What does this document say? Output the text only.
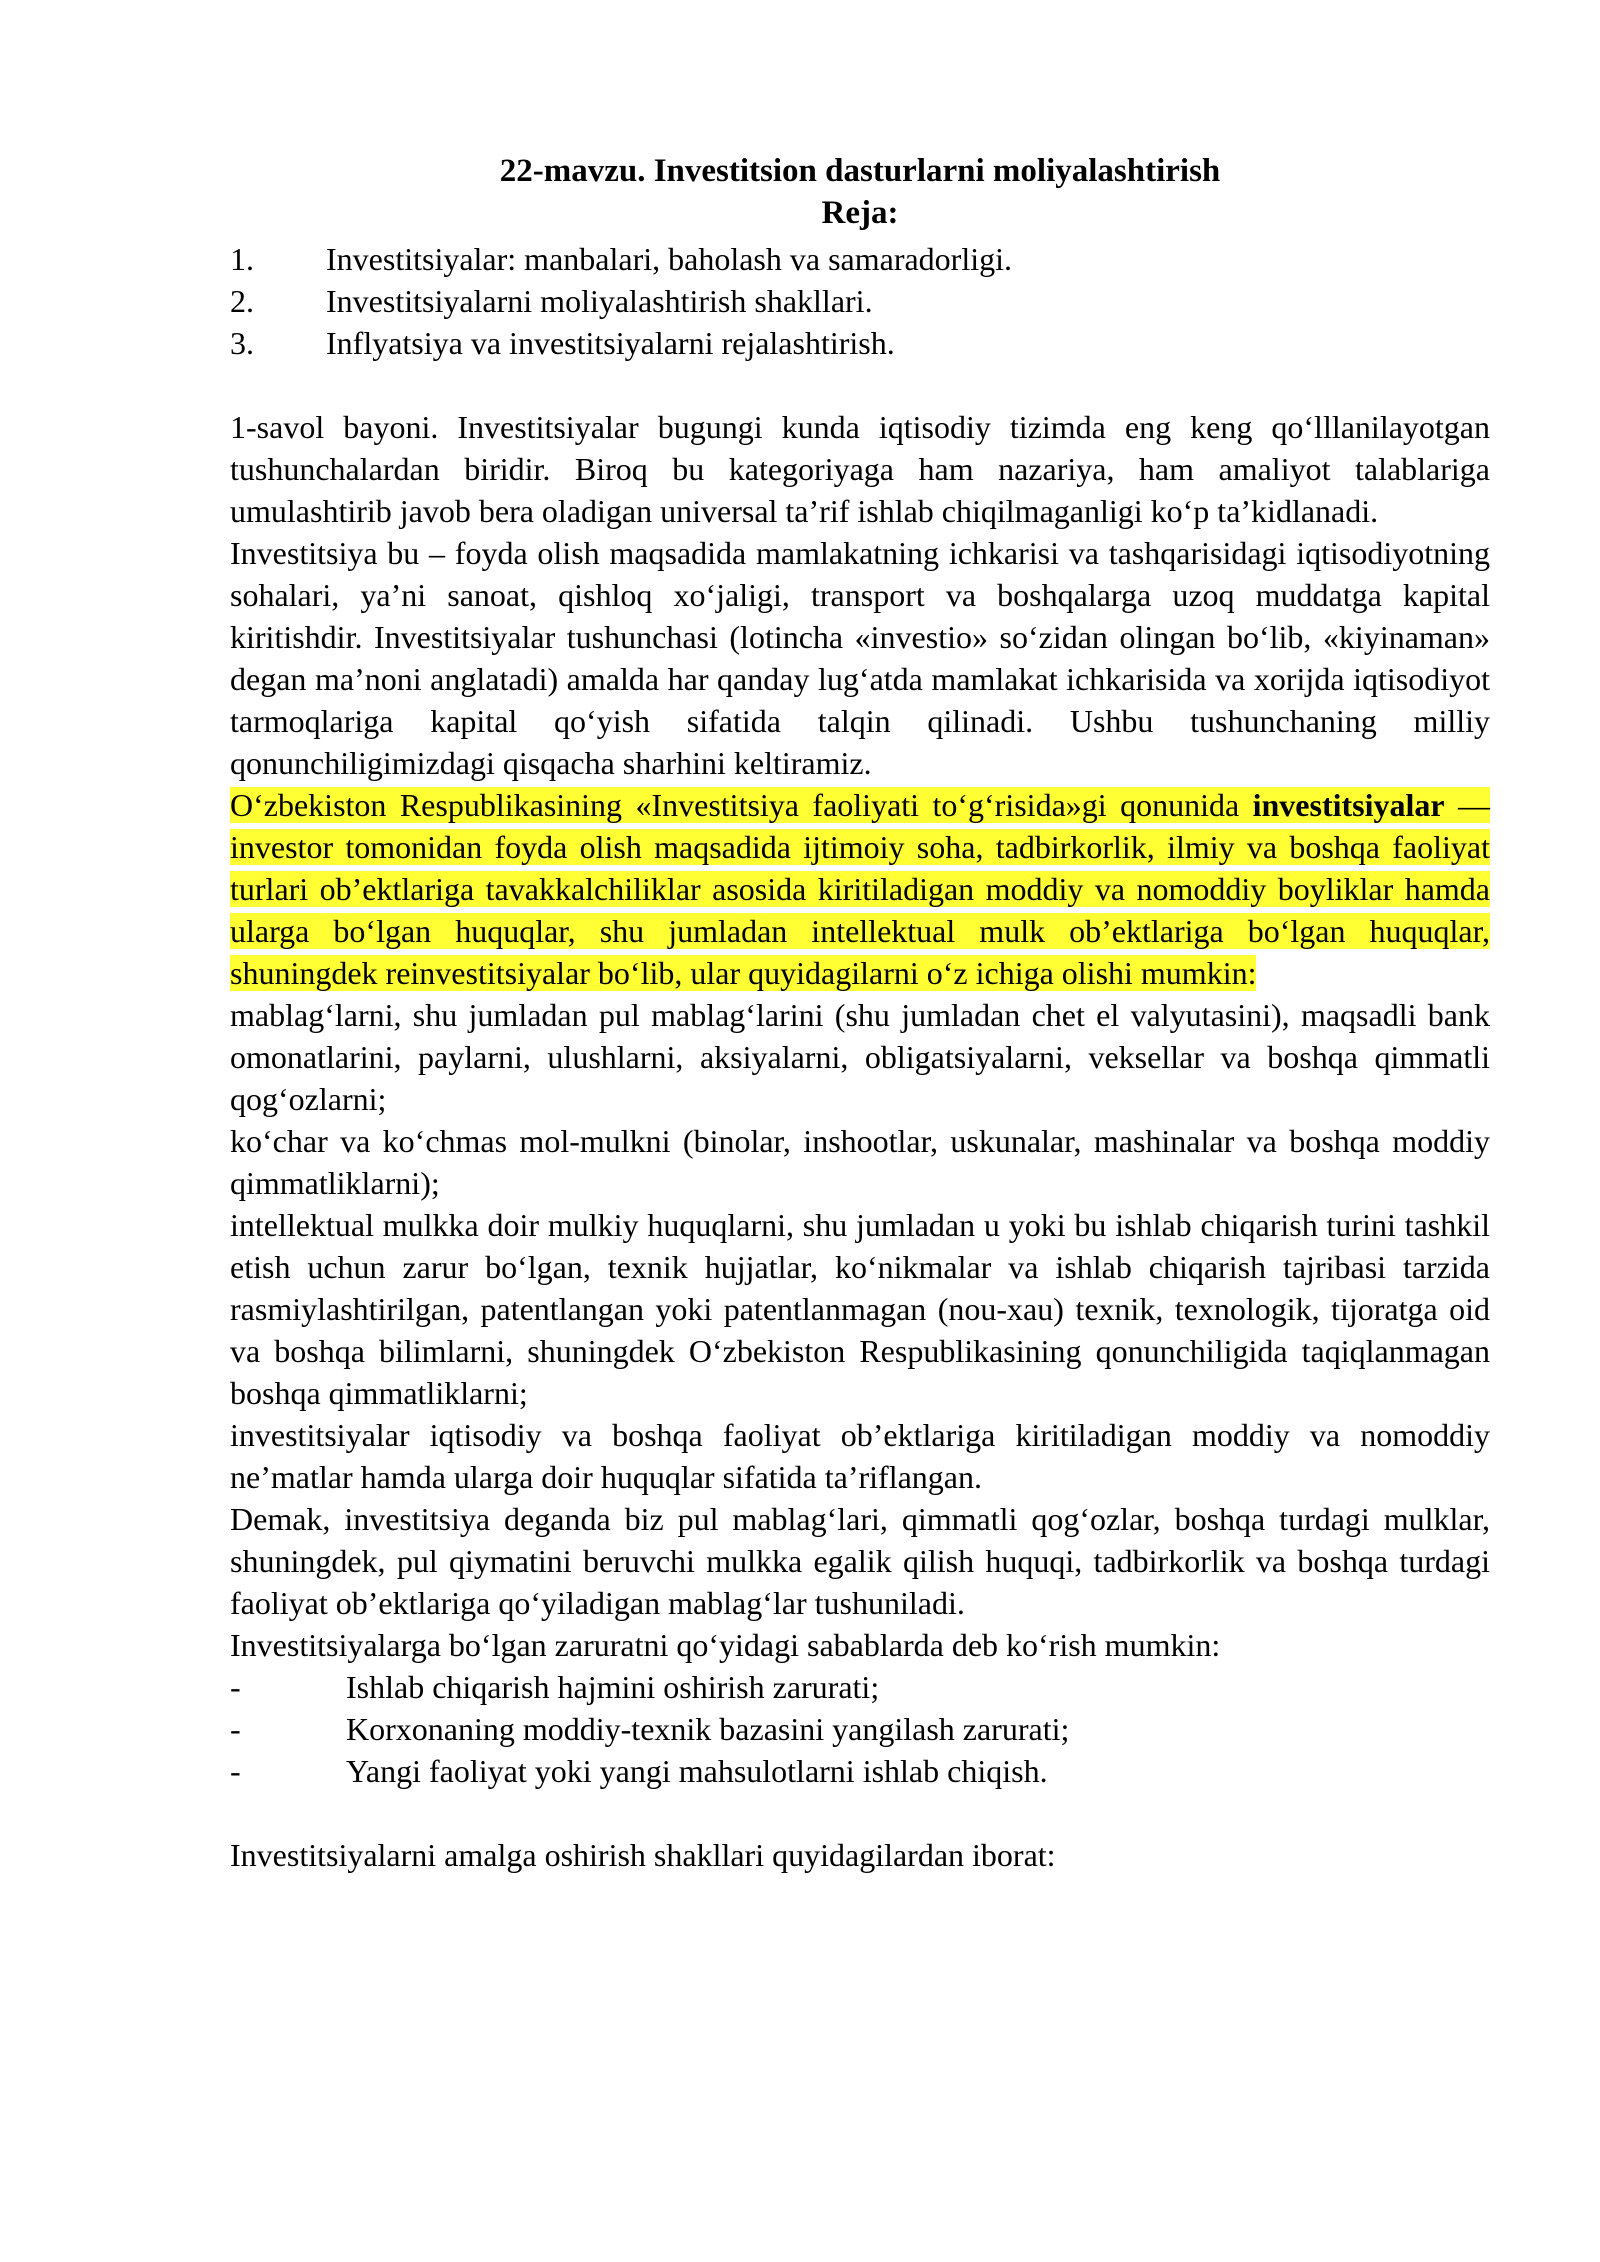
22-mavzu. Investitsion dasturlarni moliyalashtirish
Reja:
1.	Investitsiyalar: manbalari, baholash va samaradorligi.
2.	Investitsiyalarni moliyalashtirish shakllari.
3.	Inflyatsiya va investitsiyalarni rejalashtirish.

1-savol bayoni. Investitsiyalar bugungi kunda iqtisodiy tizimda eng keng qo‘lllanilayotgan tushunchalardan biridir. Biroq bu kategoriyaga ham nazariya, ham amaliyot talablariga umulashtirib javob bera oladigan universal ta’rif ishlab chiqilmaganligi ko‘p ta’kidlanadi.

Investitsiya bu – foyda olish maqsadida mamlakatning ichkarisi va tashqarisidagi iqtisodiyotning sohalari, ya’ni sanoat, qishloq xo‘jaligi, transport va boshqalarga uzoq muddatga kapital kiritishdir. Investitsiyalar tushunchasi (lotincha «investio» so‘zidan olingan bo‘lib, «kiyinaman» degan ma’noni anglatadi) amalda har qanday lug‘atda mamlakat ichkarisida va xorijda iqtisodiyot tarmoqlariga kapital qo‘yish sifatida talqin qilinadi. Ushbu tushunchaning milliy qonunchiligimizdagi qisqacha sharhini keltiramiz.

O‘zbekiston Respublikasining «Investitsiya faoliyati to‘g‘risida»gi qonunida investitsiyalar — investor tomonidan foyda olish maqsadida ijtimoiy soha, tadbirkorlik, ilmiy va boshqa faoliyat turlari ob’ektlariga tavakkalchiliklar asosida kiritiladigan moddiy va nomoddiy boyliklar hamda ularga bo‘lgan huquqlar, shu jumladan intellektual mulk ob’ektlariga bo‘lgan huquqlar, shuningdek reinvestitsiyalar bo‘lib, ular quyidagilarni o‘z ichiga olishi mumkin:

mablag‘larni, shu jumladan pul mablag‘larini (shu jumladan chet el valyutasini), maqsadli bank omonatlarini, paylarni, ulushlarni, aksiyalarni, obligatsiyalarni, veksellar va boshqa qimmatli qog‘ozlarni;

ko‘char va ko‘chmas mol-mulkni (binolar, inshootlar, uskunalar, mashinalar va boshqa moddiy qimmatliklarni);

intellektual mulkka doir mulkiy huquqlarni, shu jumladan u yoki bu ishlab chiqarish turini tashkil etish uchun zarur bo‘lgan, texnik hujjatlar, ko‘nikmalar va ishlab chiqarish tajribasi tarzida rasmiylashtirilgan, patentlangan yoki patentlanmagan (nou-xau) texnik, texnologik, tijoratga oid va boshqa bilimlarni, shuningdek O‘zbekiston Respublikasining qonunchiligida taqiqlanmagan boshqa qimmatliklarni;

investitsiyalar iqtisodiy va boshqa faoliyat ob’ektlariga kiritiladigan moddiy va nomoddiy ne’matlar hamda ularga doir huquqlar sifatida ta’riflangan.

Demak, investitsiya deganda biz pul mablag‘lari, qimmatli qog‘ozlar, boshqa turdagi mulklar, shuningdek, pul qiymatini beruvchi mulkka egalik qilish huquqi, tadbirkorlik va boshqa turdagi faoliyat ob’ektlariga qo‘yiladigan mablag‘lar tushuniladi.

Investitsiyalarga bo‘lgan zaruratni qo‘yidagi sabablarda deb ko‘rish mumkin:

-	Ishlab chiqarish hajmini oshirish zarurati;
-	Korxonaning moddiy-texnik bazasini yangilash zarurati;
-	Yangi faoliyat yoki yangi mahsulotlarni ishlab chiqish.

Investitsiyalarni amalga oshirish shakllari quyidagilardan iborat:
